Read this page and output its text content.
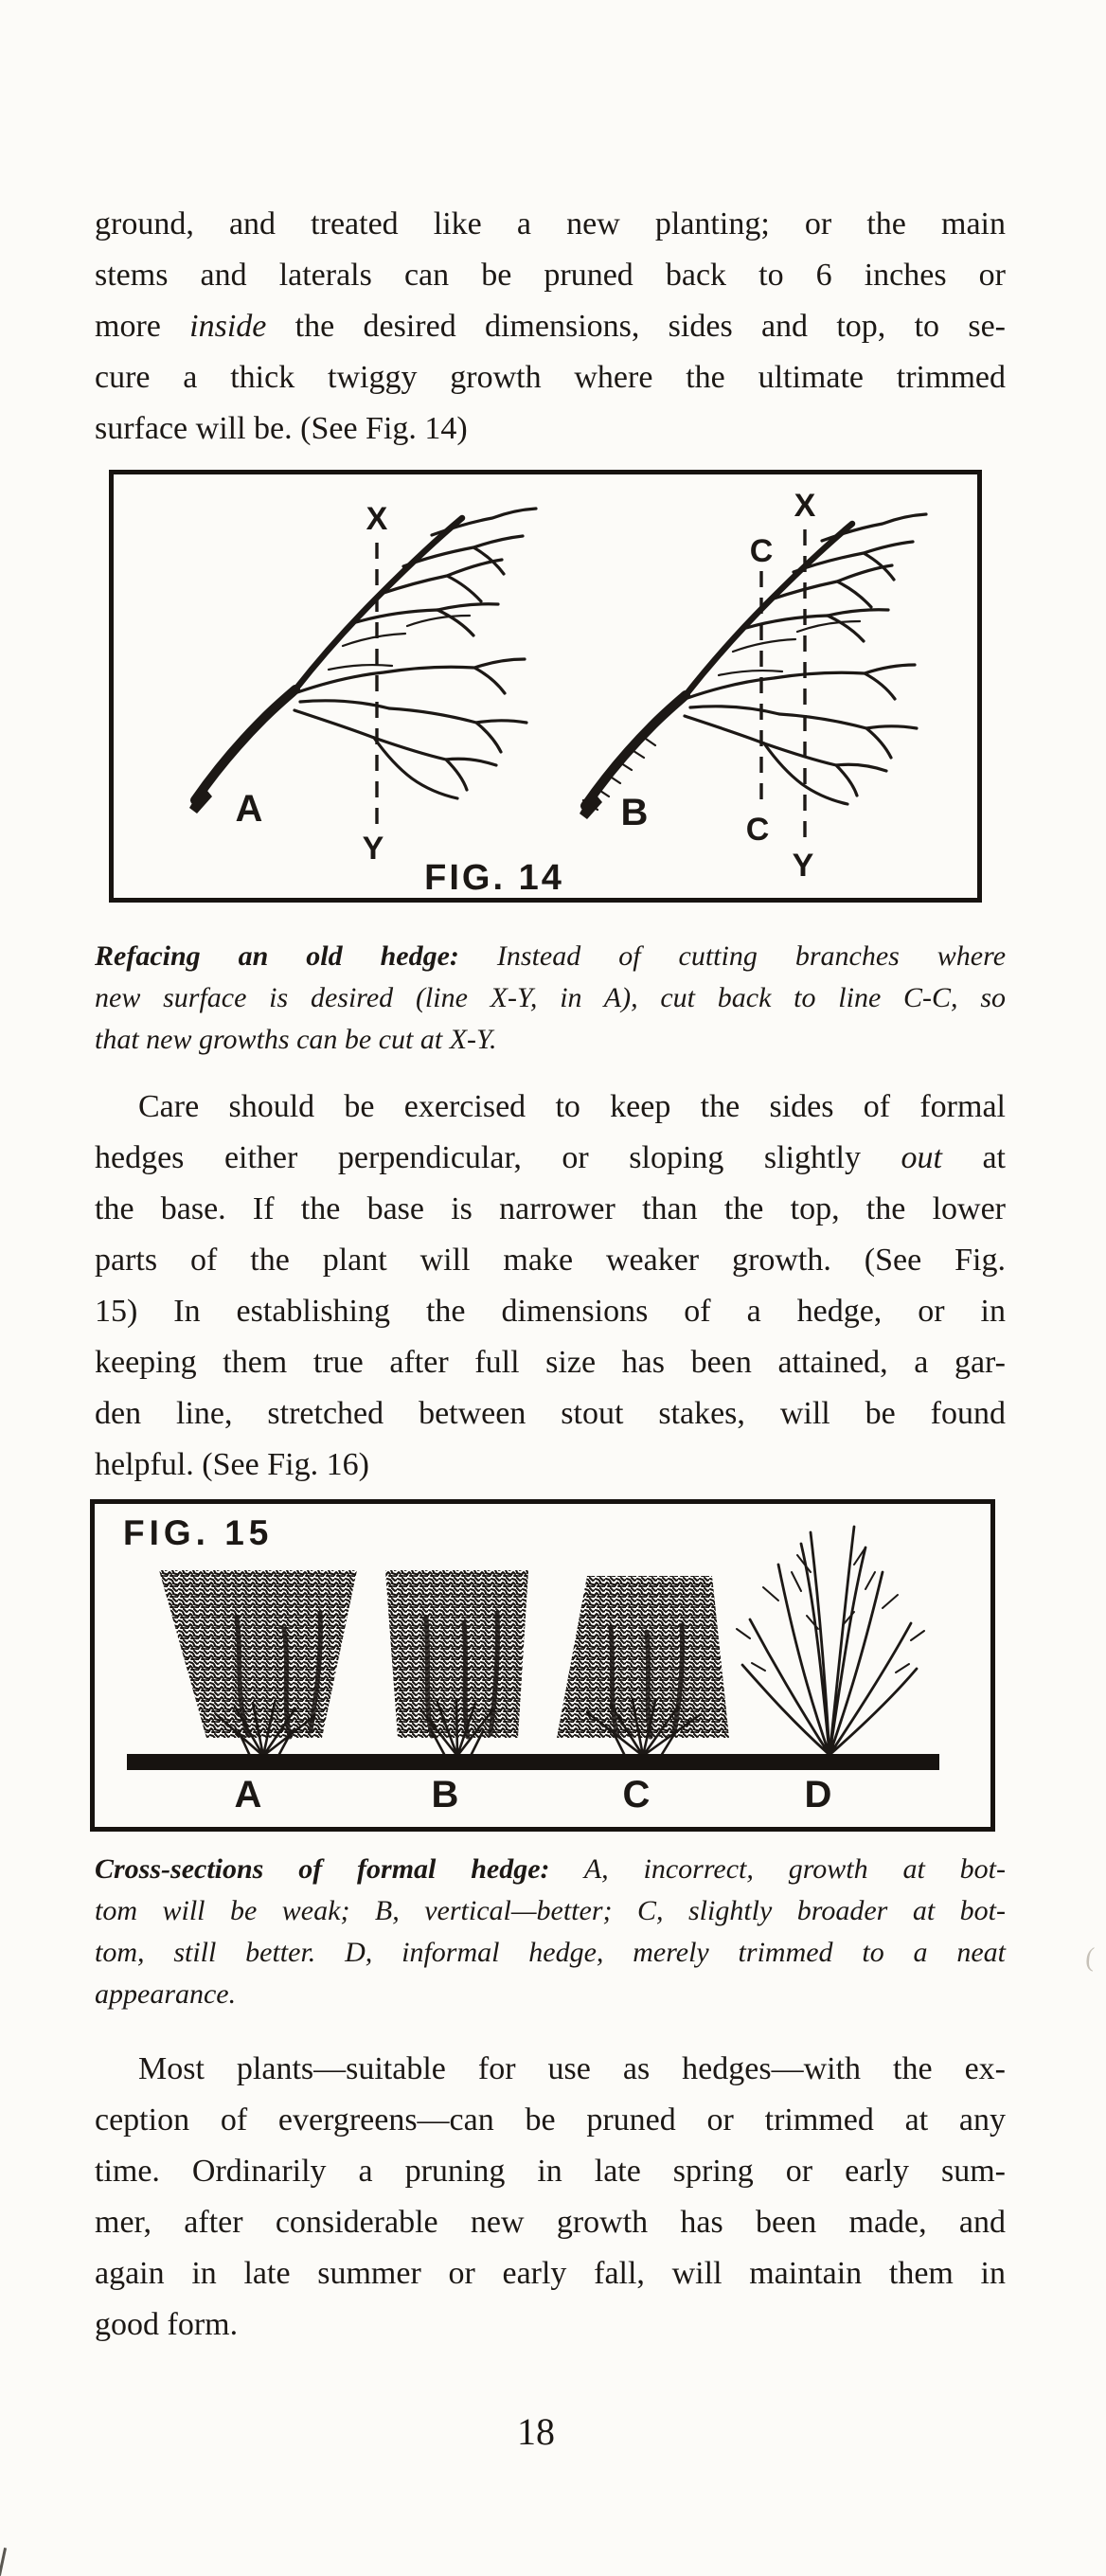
ground, and treated like a new planting; or the main
stems and laterals can be pruned back to 6 inches or
more inside the desired dimensions, sides and top, to se-
cure a thick twiggy growth where the ultimate trimmed
surface will be. (See Fig. 14)
X
Y
A
C
C
X
Y
B
FIG. 14
Refacing an old hedge: Instead of cutting branches where
new surface is desired (line X-Y, in A), cut back to line C-C, so
that new growths can be cut at X-Y.
Care should be exercised to keep the sides of formal
hedges either perpendicular, or sloping slightly out at
the base. If the base is narrower than the top, the lower
parts of the plant will make weaker growth. (See Fig.
15) In establishing the dimensions of a hedge, or in
keeping them true after full size has been attained, a gar-
den line, stretched between stout stakes, will be found
helpful. (See Fig. 16)
FIG. 15
A	B	C	D
Cross-sections of formal hedge: A, incorrect, growth at bot-
tom will be weak; B, vertical—better; C, slightly broader at bot-
tom, still better. D, informal hedge, merely trimmed to a neat
appearance.
Most plants—suitable for use as hedges—with the ex-
ception of evergreens—can be pruned or trimmed at any
time. Ordinarily a pruning in late spring or early sum-
mer, after considerable new growth has been made, and
again in late summer or early fall, will maintain them in
good form.
18
(
